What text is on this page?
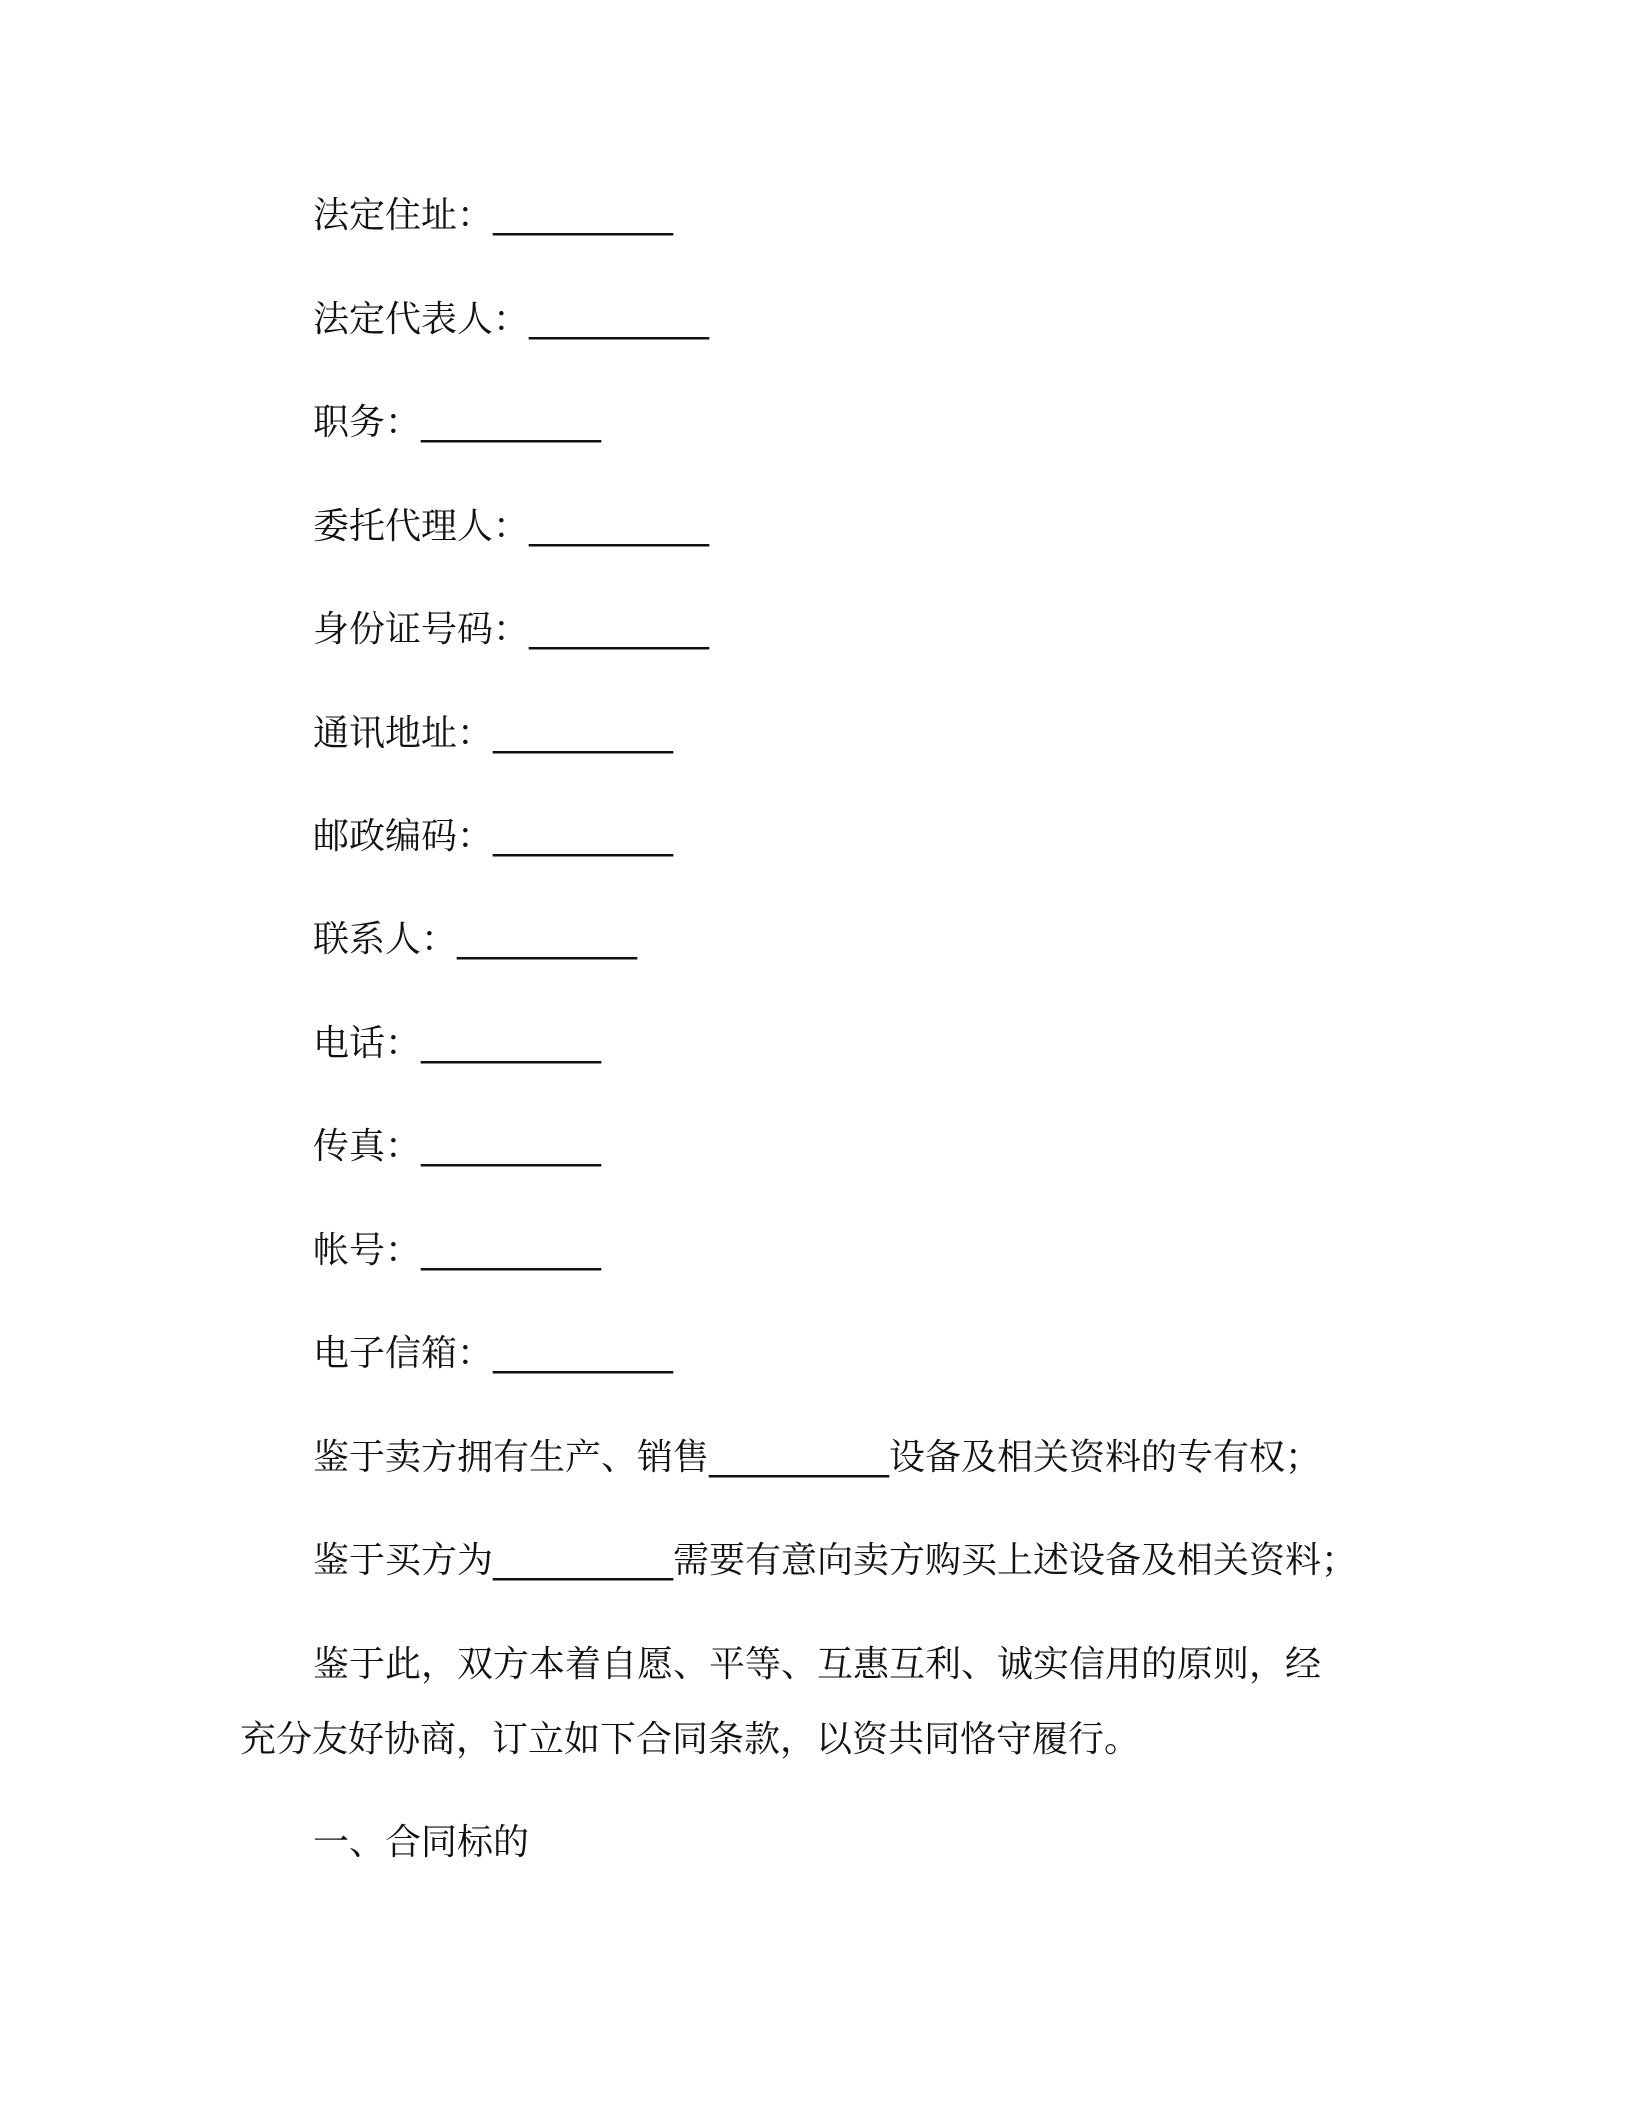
法定住址：__________
法定代表人：__________
职务：__________
委托代理人：__________
身份证号码：__________
通讯地址：__________
邮政编码：__________
联系人：__________
电话：__________
传真：__________
帐号：__________
电子信箱：__________
鉴于卖方拥有生产、销售__________设备及相关资料的专有权；
鉴于买方为__________需要有意向卖方购买上述设备及相关资料；
鉴于此，双方本着自愿、平等、互惠互利、诚实信用的原则，经
充分友好协商，订立如下合同条款，以资共同恪守履行。
一、合同标的
